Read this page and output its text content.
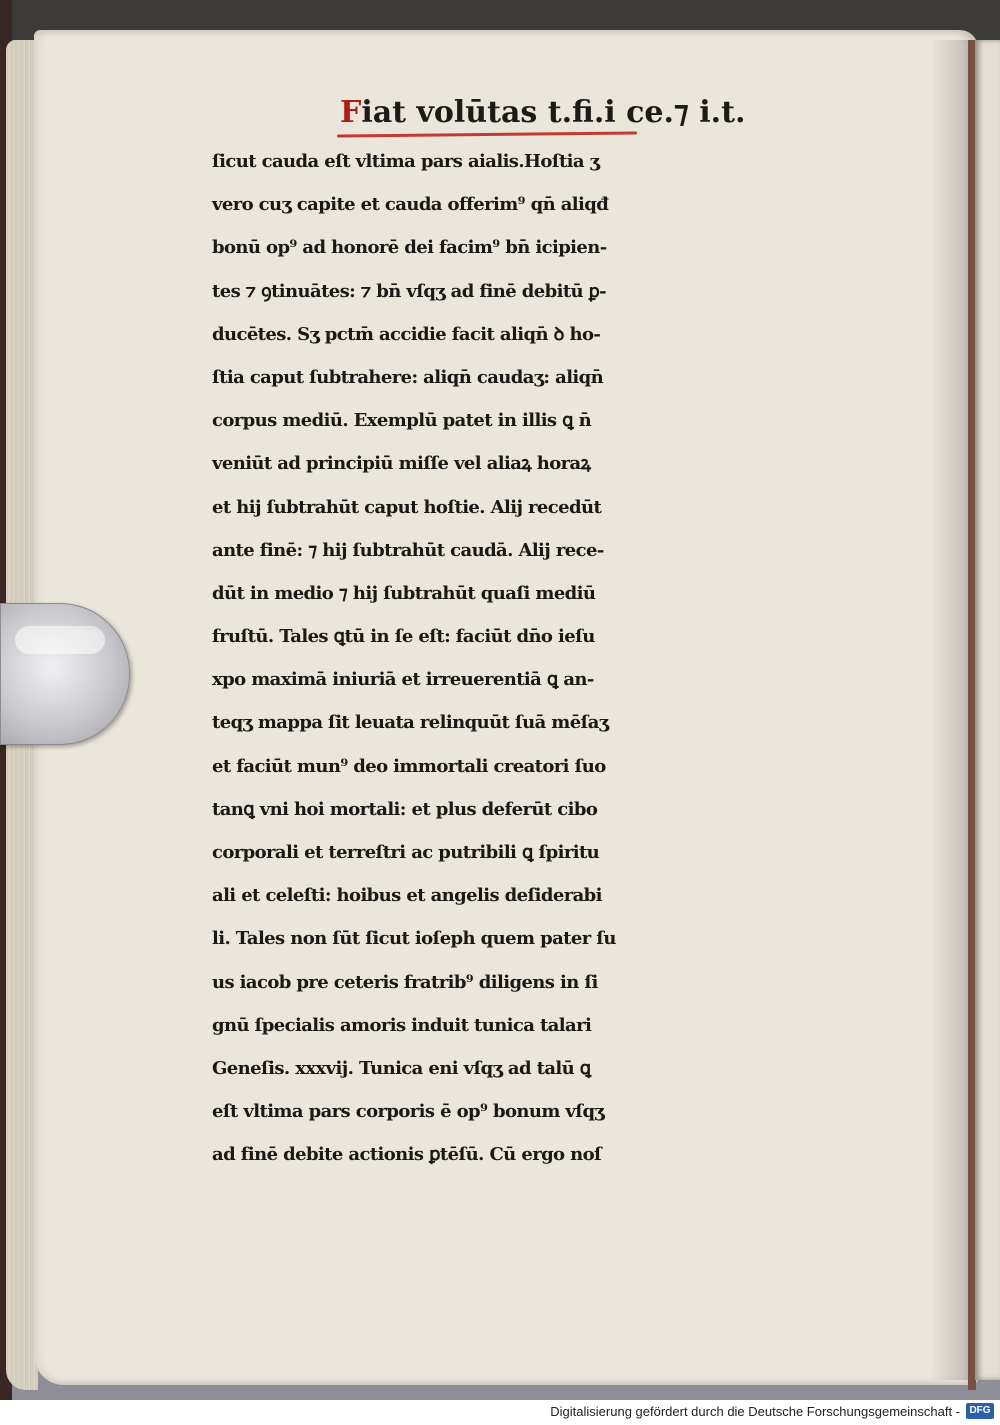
Fiat volūtas t.fi.i ce.⁊ i.t.
ſicut cauda eſt vltima pars aialis.Hoſtia ʒ
vero cuʒ capite et cauda offerim⁹ qn̄ aliqđ
bonū op⁹ ad honorē dei facim⁹ bn̄ icipien-
tes ⁊ ꝯtinuātes: ⁊ bn̄ vſqʒ ad finē debitū ꝑ-
ducētes. Sʒ pctm̄ accidie facit aliqn̄ ꝺ ho-
ſtia caput ſubtrahere: aliqn̄ caudaʒ: aliqn̄
corpus mediū. Exemplū patet in illis ꝗ n̄
veniūt ad principiū miſſe vel aliaꝝ horaꝝ
et hij ſubtrahūt caput hoſtie. Alij recedūt
ante finē: ⁊ hij ſubtrahūt caudā. Alij rece-
dūt in medio ⁊ hij ſubtrahūt quaſi mediū
fruſtū. Tales ꝗtū in ſe eſt: faciūt dn̄o ieſu
xpo maximā iniuriā et irreuerentiā ꝗ an-
teqʒ mappa ſit leuata relinquūt ſuā mēſaʒ
et faciūt mun⁹ deo immortali creatori ſuo
tanꝗ vni hoi mortali: et plus deferūt cibo
corporali et terreſtri ac putribili ꝗ ſpiritu
ali et celeſti: hoibus et angelis deſiderabi
li. Tales non ſūt ſicut ioſeph quem pater ſu
us iacob pre ceteris fratrib⁹ diligens in ſi
gnū ſpecialis amoris induit tunica talari
Geneſis. xxxvij. Tunica eni vſqʒ ad talū ꝗ
eſt vltima pars corporis ē op⁹ bonum vſqʒ
ad finē debite actionis ꝑtēſū. Cū ergo noſ
Digitalisierung gefördert durch die Deutsche Forschungsgemeinschaft - DFG
